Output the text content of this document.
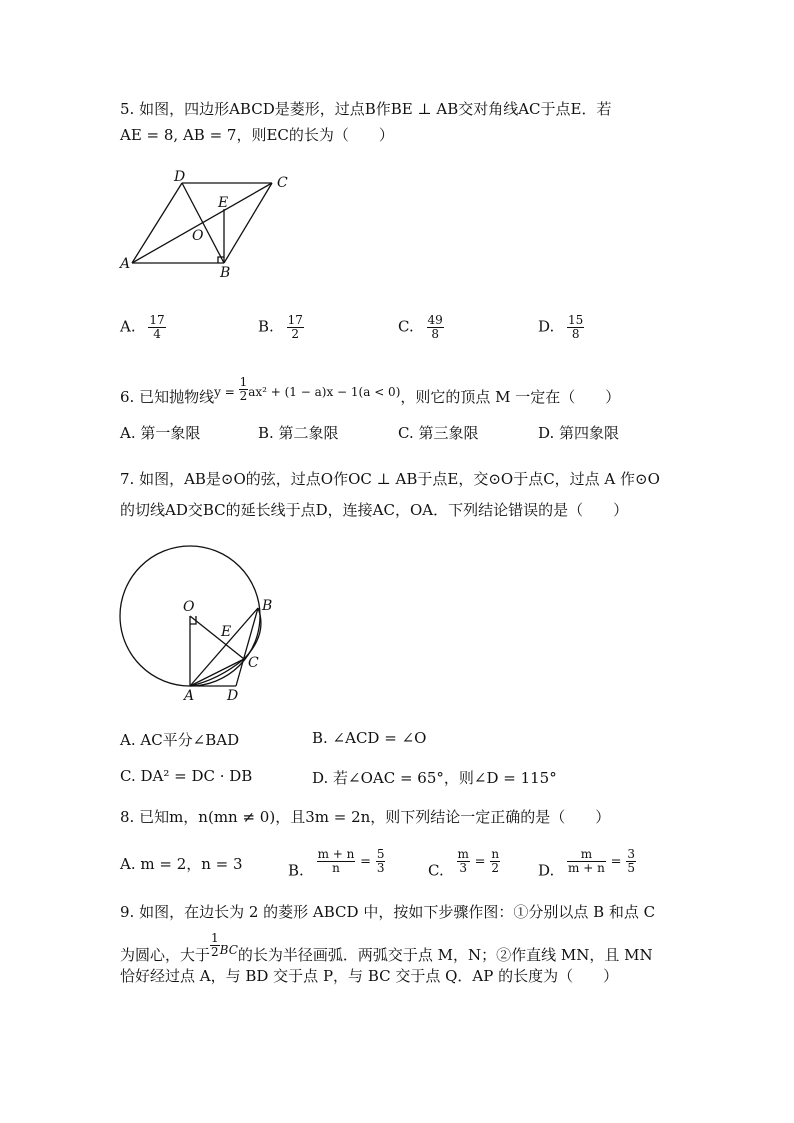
5. 如图，四边形ABCD是菱形，过点B作BE ⊥ AB交对角线AC于点E．若
AE = 8, AB = 7，则EC的长为（　　）
A
B
C
D
E
O
A. $\frac{17}{4}$	B. $\frac{17}{2}$	C. $\frac{49}{8}$	D. $\frac{15}{8}$
6. 已知抛物线$^{y =} \frac{1}{2} ^{ax^2 + (1 - a)x - 1(a < 0)}$，则它的顶点 M 一定在（　　）
A. 第一象限	B. 第二象限	C. 第三象限	D. 第四象限
7. 如图，AB是⊙O的弦，过点O作OC ⊥ AB于点E，交⊙O于点C，过点 A 作⊙O
的切线AD交BC的延长线于点D，连接AC，OA．下列结论错误的是（　　）
O	B
E
C
A D
A. AC平分∠BAD	B. ∠ACD = ∠O
C. DA² = DC · DB	D. 若∠OAC = 65°，则∠D = 115°
8. 已知m，n(mn ≠ 0)，且3m = 2n，则下列结论一定正确的是（　　）
A. m = 2，n = 3	B. $\frac{m + n}{n} = \frac{5}{3}$	C. $\frac{m}{3} = \frac{n}{2}$	D. $\frac{m}{m + n} = \frac{3}{5}$
9. 如图，在边长为 2 的菱形 ABCD 中，按如下步骤作图：①分别以点 B 和点 C
为圆心，大于 $\frac{1}{2} ^{BC}$的长为半径画弧．两弧交于点 M，N；②作直线 MN，且 MN
恰好经过点 A，与 BD 交于点 P，与 BC 交于点 Q．AP 的长度为（　　）
